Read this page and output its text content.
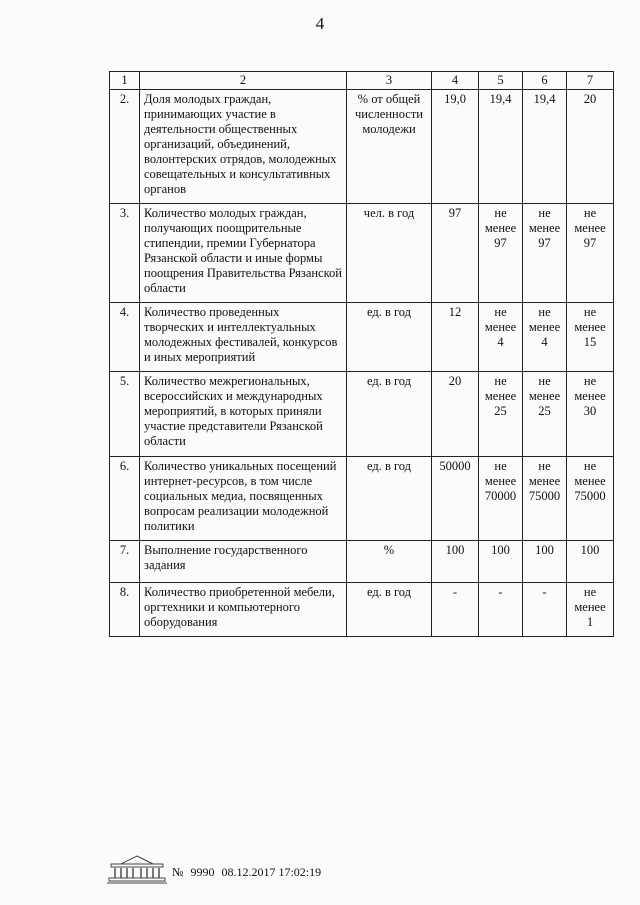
4
1	2	3	4	5	6	7
2.	Доля молодых граждан, принимающих участие в деятельности общественных организаций, объединений, волонтерских отрядов, молодежных совещательных и консультативных органов	% от общей численности молодежи	19,0	19,4	19,4	20
3.	Количество молодых граждан, получающих поощрительные стипендии, премии Губернатора Рязанской области и иные формы поощрения Правительства Рязанской области	чел. в год	97	не менее 97	не менее 97	не менее 97
4.	Количество проведенных творческих и интеллектуальных молодежных фестивалей, конкурсов и иных мероприятий	ед. в год	12	не менее 4	не менее 4	не менее 15
5.	Количество межрегиональных, всероссийских и международных мероприятий, в которых приняли участие представители Рязанской области	ед. в год	20	не менее 25	не менее 25	не менее 30
6.	Количество уникальных посещений интернет-ресурсов, в том числе социальных медиа, посвященных вопросам реализации молодежной политики	ед. в год	50000	не менее 70000	не менее 75000	не менее 75000
7.	Выполнение государственного задания	%	100	100	100	100
8.	Количество приобретенной мебели, оргтехники и компьютерного оборудования	ед. в год	-	-	-	не менее 1
№ 9990 08.12.2017 17:02:19
